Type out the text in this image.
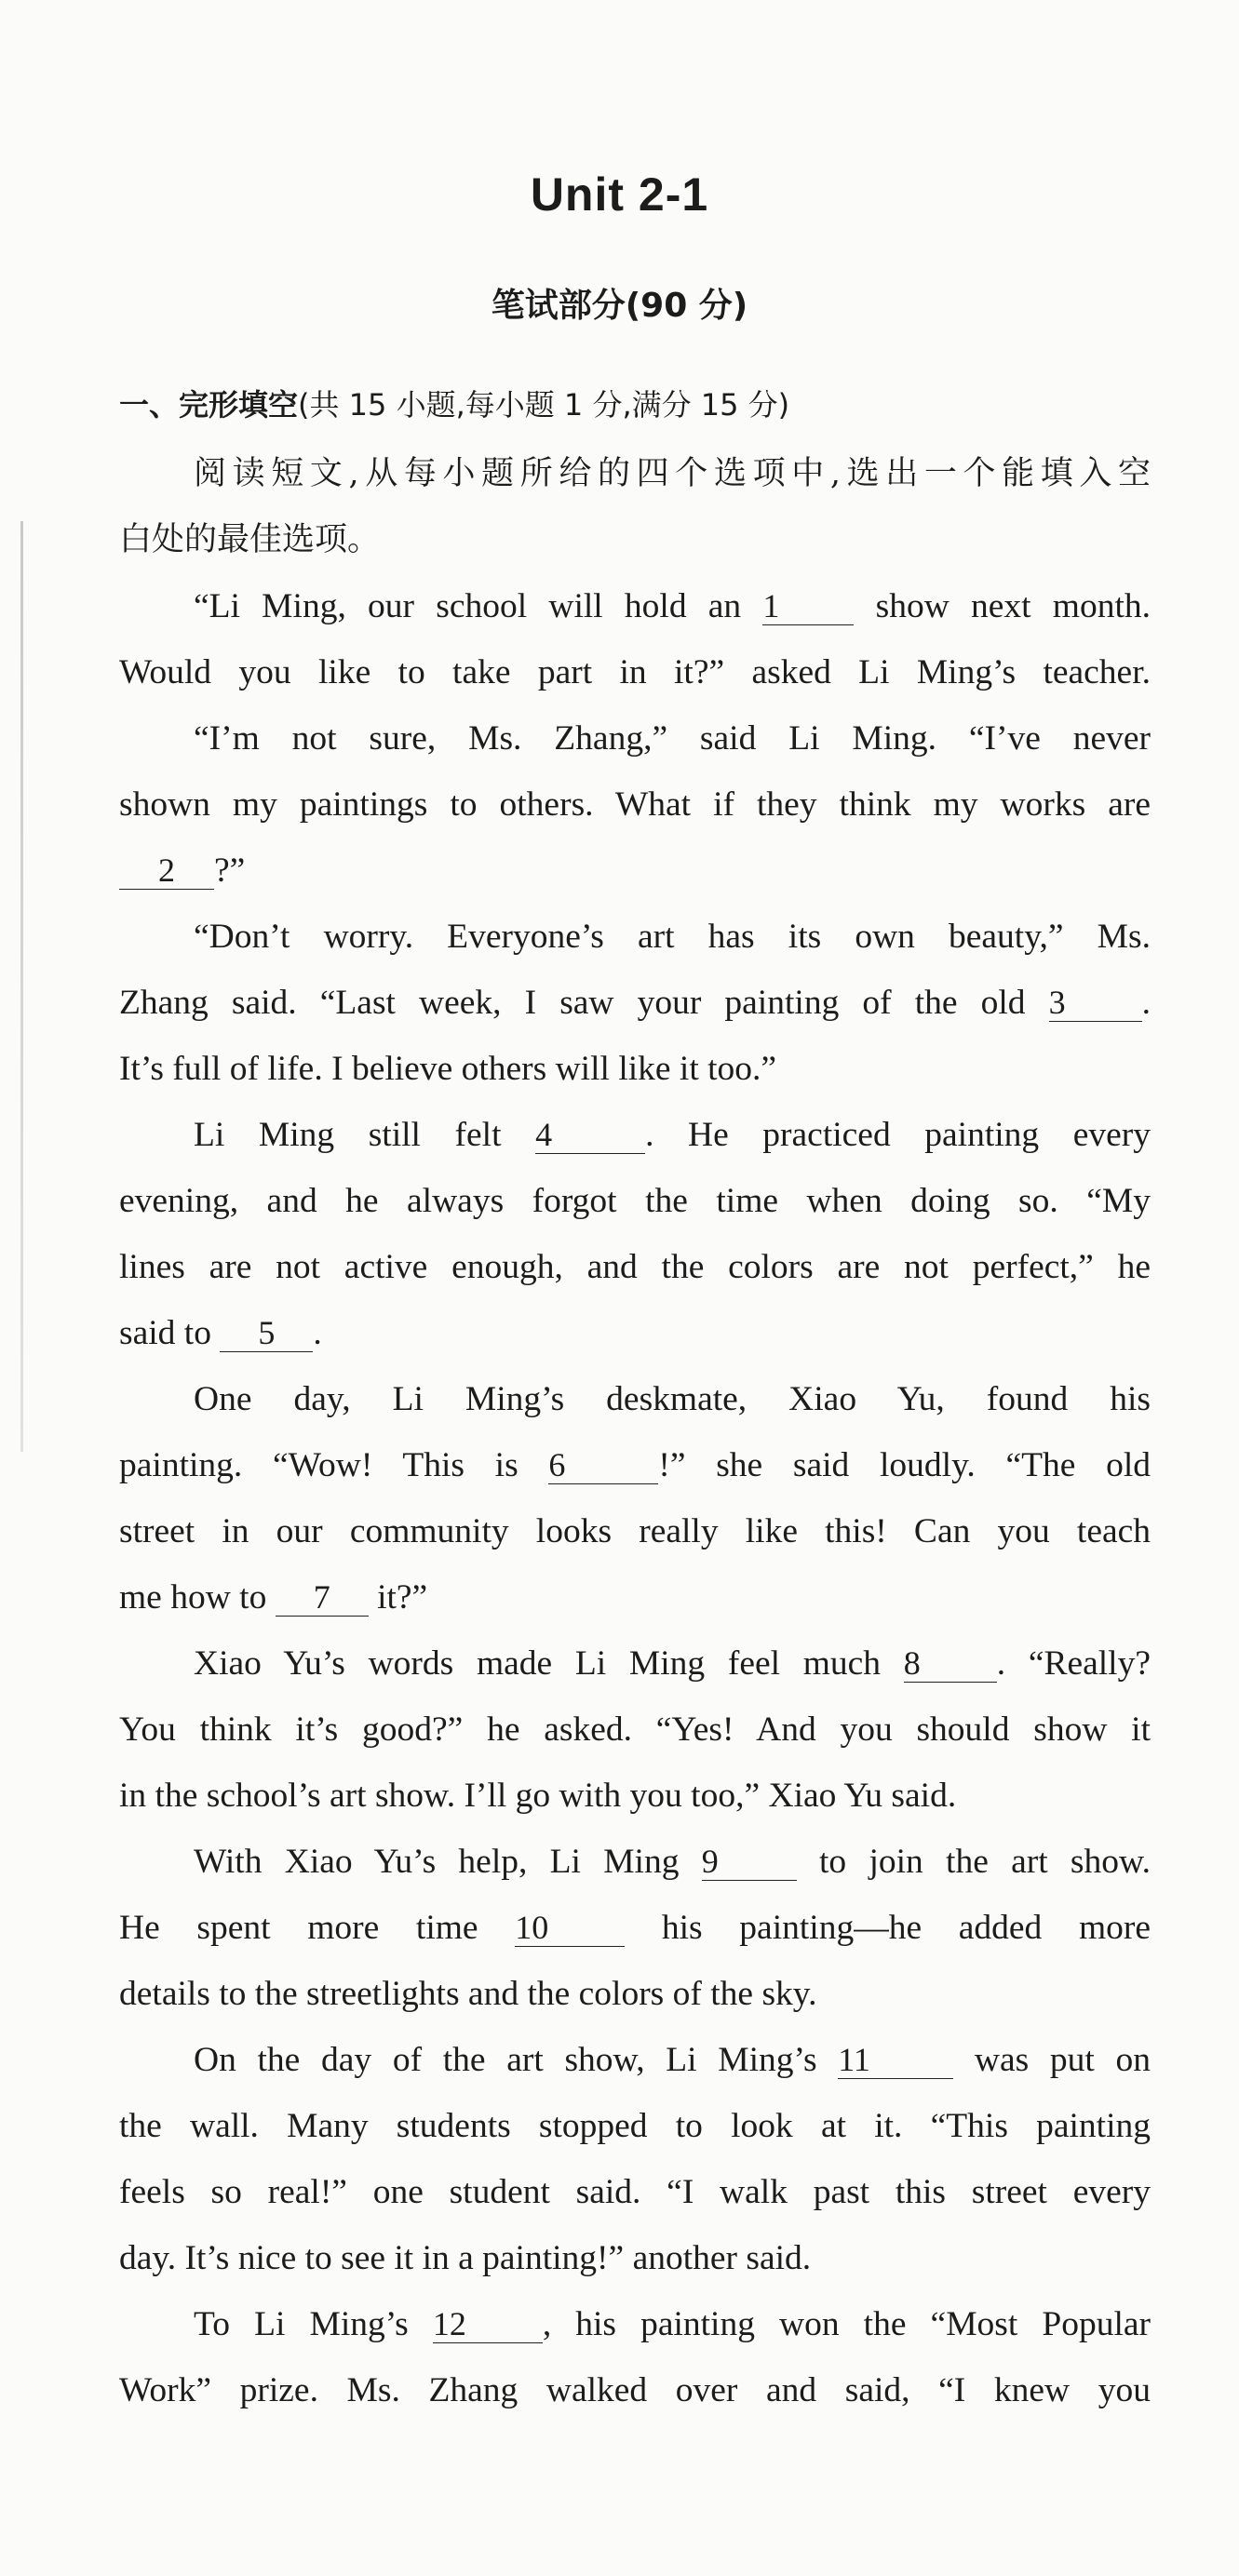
Unit 2-1
笔试部分(90 分)
一、完形填空(共 15 小题,每小题 1 分,满分 15 分)
阅读短文,从每小题所给的四个选项中,选出一个能填入空
白处的最佳选项。
“Li Ming, our school will hold an 1	show next month.
Would you like to take part in it?” asked Li Ming’s teacher.
“I’m not sure, Ms. Zhang,” said Li Ming. “I’ve never
shown my paintings to others. What if they think my works are
2 ?”
“Don’t worry. Everyone’s art has its own beauty,” Ms.
Zhang said. “Last week, I saw your painting of the old 3 .
It’s full of life. I believe others will like it too.”
Li Ming still felt 4	. He practiced painting every
evening, and he always forgot the time when doing so. “My
lines are not active enough, and the colors are not perfect,” he
said to 5 .
One day, Li Ming’s deskmate, Xiao Yu, found his
painting. “Wow! This is 6	!” she said loudly. “The old
street in our community looks really like this! Can you teach
me how to 7 it?”
Xiao Yu’s words made Li Ming feel much 8 . “Really?
You think it’s good?” he asked. “Yes! And you should show it
in the school’s art show. I’ll go with you too,” Xiao Yu said.
With Xiao Yu’s help, Li Ming 9	to join the art show.
He spent more time 10	his painting—he added more
details to the streetlights and the colors of the sky.
On the day of the art show, Li Ming’s 11	was put on
the wall. Many students stopped to look at it. “This painting
feels so real!” one student said. “I walk past this street every
day. It’s nice to see it in a painting!” another said.
To Li Ming’s 12 , his painting won the “Most Popular
Work” prize. Ms. Zhang walked over and said, “I knew you
